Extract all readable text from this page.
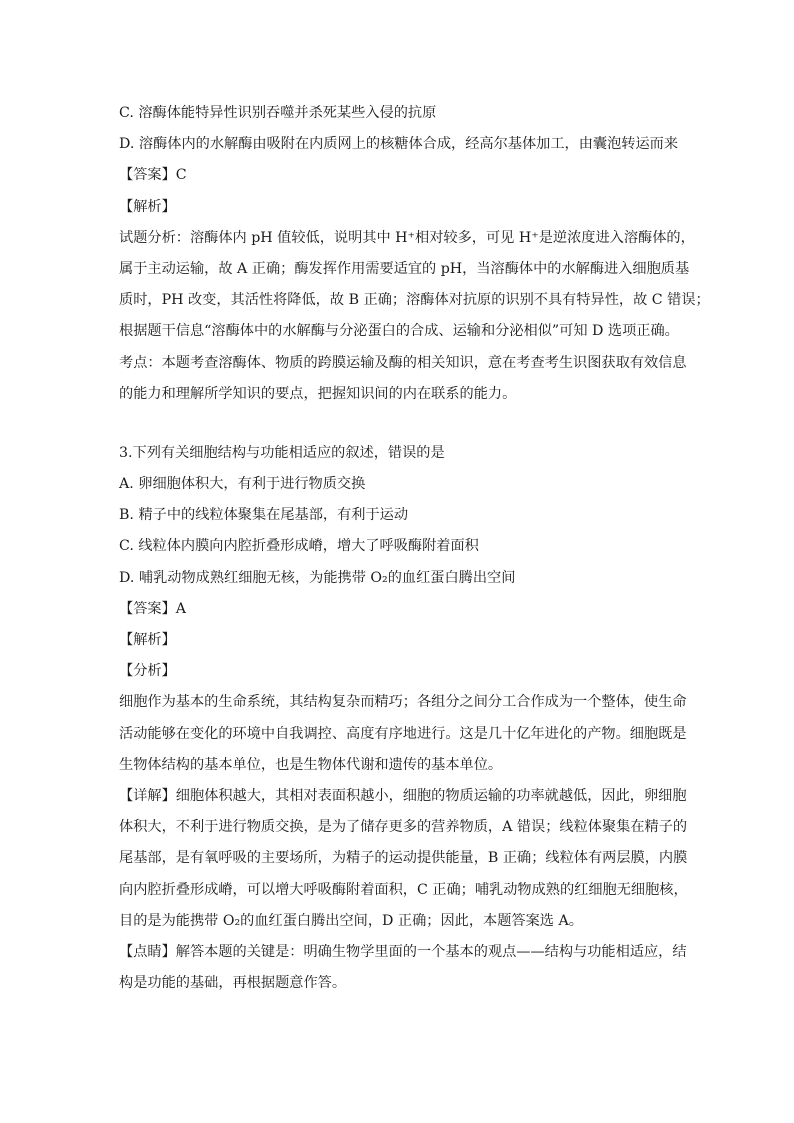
C. 溶酶体能特异性识别吞噬并杀死某些入侵的抗原
D. 溶酶体内的水解酶由吸附在内质网上的核糖体合成，经高尔基体加工，由囊泡转运而来
【答案】C
【解析】
试题分析：溶酶体内 pH 值较低，说明其中 H⁺相对较多，可见 H⁺是逆浓度进入溶酶体的，
属于主动运输，故 A 正确；酶发挥作用需要适宜的 pH，当溶酶体中的水解酶进入细胞质基
质时，PH 改变，其活性将降低，故 B 正确；溶酶体对抗原的识别不具有特异性，故 C 错误；
根据题干信息“溶酶体中的水解酶与分泌蛋白的合成、运输和分泌相似”可知 D 选项正确。
考点：本题考查溶酶体、物质的跨膜运输及酶的相关知识，意在考查考生识图获取有效信息
的能力和理解所学知识的要点，把握知识间的内在联系的能力。
3.下列有关细胞结构与功能相适应的叙述，错误的是
A. 卵细胞体积大，有利于进行物质交换
B. 精子中的线粒体聚集在尾基部，有利于运动
C. 线粒体内膜向内腔折叠形成嵴，增大了呼吸酶附着面积
D. 哺乳动物成熟红细胞无核，为能携带 O₂的血红蛋白腾出空间
【答案】A
【解析】
【分析】
细胞作为基本的生命系统，其结构复杂而精巧；各组分之间分工合作成为一个整体，使生命
活动能够在变化的环境中自我调控、高度有序地进行。这是几十亿年进化的产物。细胞既是
生物体结构的基本单位，也是生物体代谢和遗传的基本单位。
【详解】细胞体积越大，其相对表面积越小，细胞的物质运输的功率就越低，因此，卵细胞
体积大，不利于进行物质交换，是为了储存更多的营养物质，A 错误；线粒体聚集在精子的
尾基部，是有氧呼吸的主要场所，为精子的运动提供能量，B 正确；线粒体有两层膜，内膜
向内腔折叠形成嵴，可以增大呼吸酶附着面积，C 正确；哺乳动物成熟的红细胞无细胞核，
目的是为能携带 O₂的血红蛋白腾出空间，D 正确；因此，本题答案选 A。
【点睛】解答本题的关键是：明确生物学里面的一个基本的观点——结构与功能相适应，结
构是功能的基础，再根据题意作答。
